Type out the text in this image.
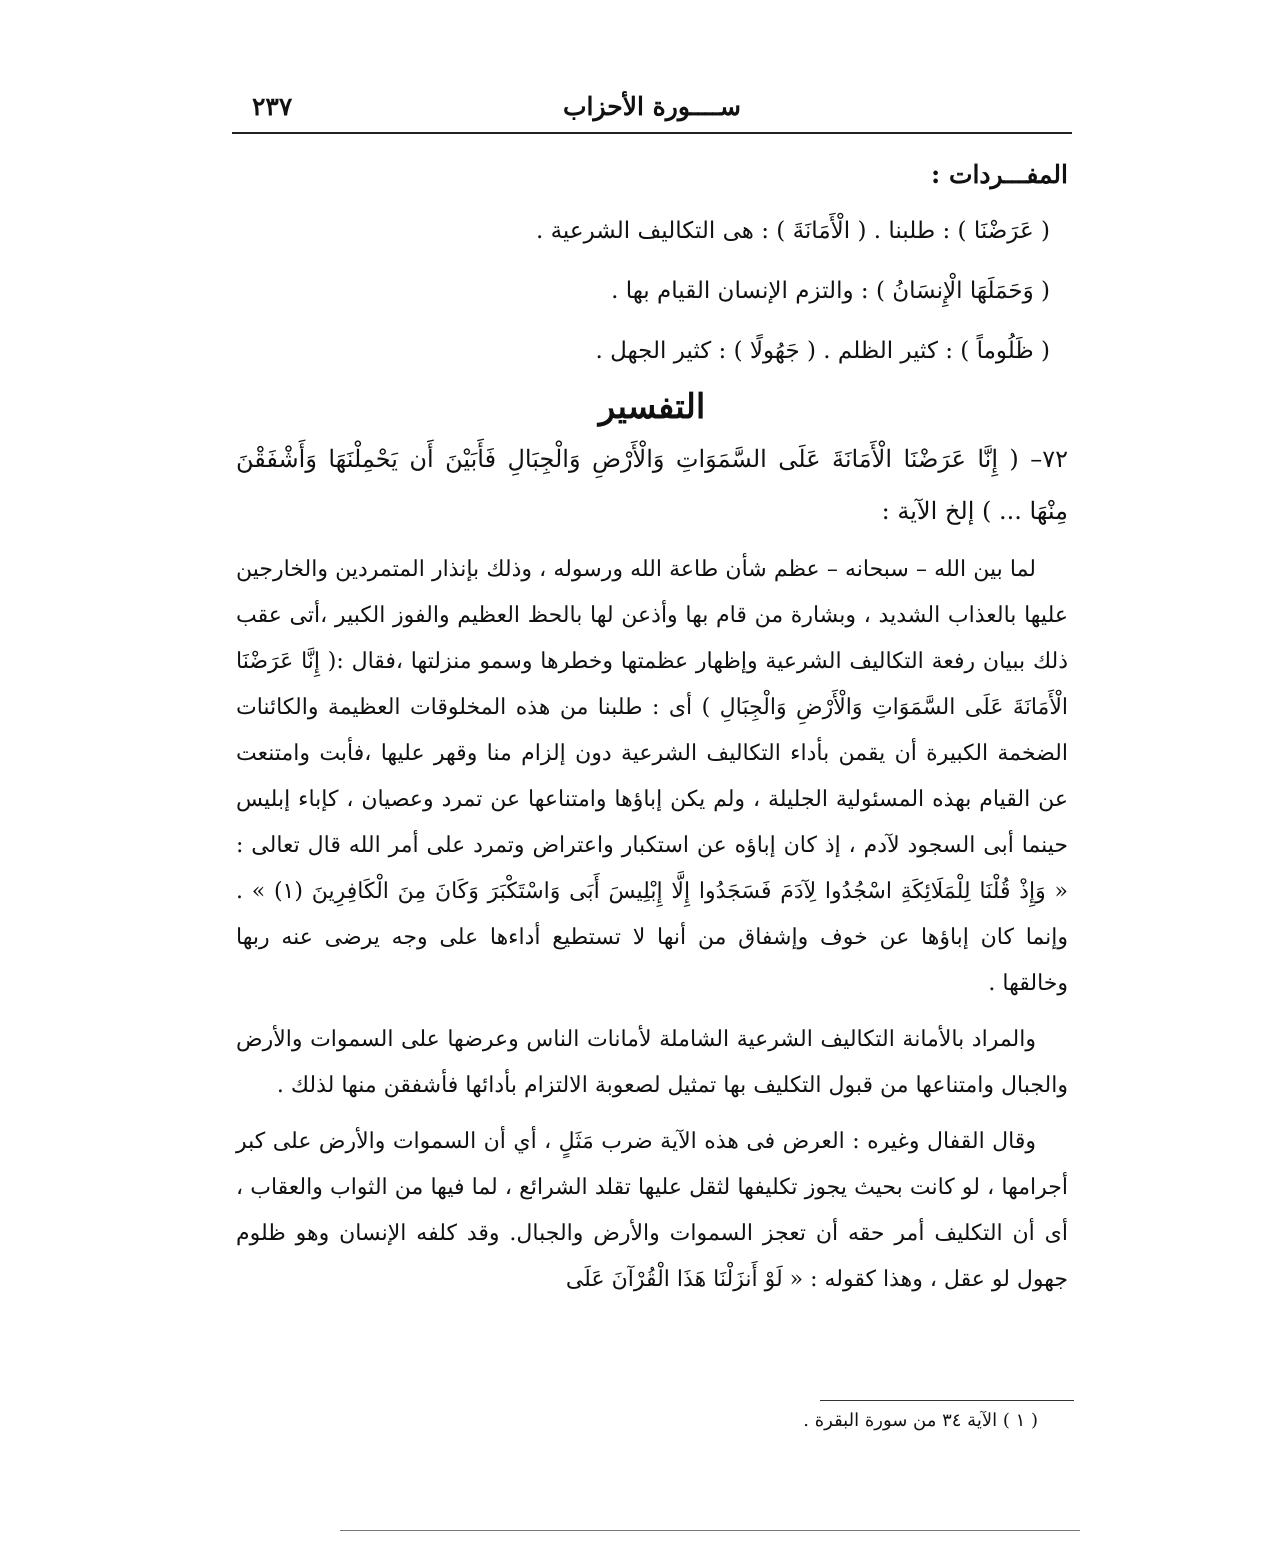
ســــورة الأحزاب
٢٣٧
المفـــردات :
( عَرَضْنَا ) : طلبنا . ( الْأَمَانَةَ ) : هى التكاليف الشرعية .
( وَحَمَلَهَا الْإِنسَانُ ) : والتزم الإنسان القيام بها .
( ظَلُوماً ) : كثير الظلم . ( جَهُولًا ) : كثير الجهل .
التفسير
٧٢– ( إِنَّا عَرَضْنَا الْأَمَانَةَ عَلَى السَّمَوَاتِ وَالْأَرْضِ وَالْجِبَالِ فَأَبَيْنَ أَن يَحْمِلْنَهَا وَأَشْفَقْنَ مِنْهَا ... ) إلخ الآية :

لما بين الله – سبحانه – عظم شأن طاعة الله ورسوله ، وذلك بإنذار المتمردين والخارجين عليها بالعذاب الشديد ، وبشارة من قام بها وأذعن لها بالحظ العظيم والفوز الكبير ،أتى عقب ذلك ببيان رفعة التكاليف الشرعية وإظهار عظمتها وخطرها وسمو منزلتها ،فقال :( إِنَّا عَرَضْنَا الْأَمَانَةَ عَلَى السَّمَوَاتِ وَالْأَرْضِ وَالْجِبَالِ ) أى : طلبنا من هذه المخلوقات العظيمة والكائنات الضخمة الكبيرة أن يقمن بأداء التكاليف الشرعية دون إلزام منا وقهر عليها ،فأبت وامتنعت عن القيام بهذه المسئولية الجليلة ، ولم يكن إباؤها وامتناعها عن تمرد وعصيان ، كإباء إبليس حينما أبى السجود لآدم ، إذ كان إباؤه عن استكبار واعتراض وتمرد على أمر الله قال تعالى : « وَإِذْ قُلْنَا لِلْمَلَائِكَةِ اسْجُدُوا لِآدَمَ فَسَجَدُوا إِلَّا إِبْلِيسَ أَبَى وَاسْتَكْبَرَ وَكَانَ مِنَ الْكَافِرِينَ (١) » . وإنما كان إباؤها عن خوف وإشفاق من أنها لا تستطيع أداءها على وجه يرضى عنه ربها وخالقها .

والمراد بالأمانة التكاليف الشرعية الشاملة لأمانات الناس وعرضها على السموات والأرض والجبال وامتناعها من قبول التكليف بها تمثيل لصعوبة الالتزام بأدائها فأشفقن منها لذلك .

وقال القفال وغيره : العرض فى هذه الآية ضرب مَثَلٍ ، أي أن السموات والأرض على كبر أجرامها ، لو كانت بحيث يجوز تكليفها لثقل عليها تقلد الشرائع ، لما فيها من الثواب والعقاب ، أى أن التكليف أمر حقه أن تعجز السموات والأرض والجبال. وقد كلفه الإنسان وهو ظلوم جهول لو عقل ، وهذا كقوله : « لَوْ أَنزَلْنَا هَذَا الْقُرْآنَ عَلَى

( ١ ) الآية ٣٤ من سورة البقرة .
